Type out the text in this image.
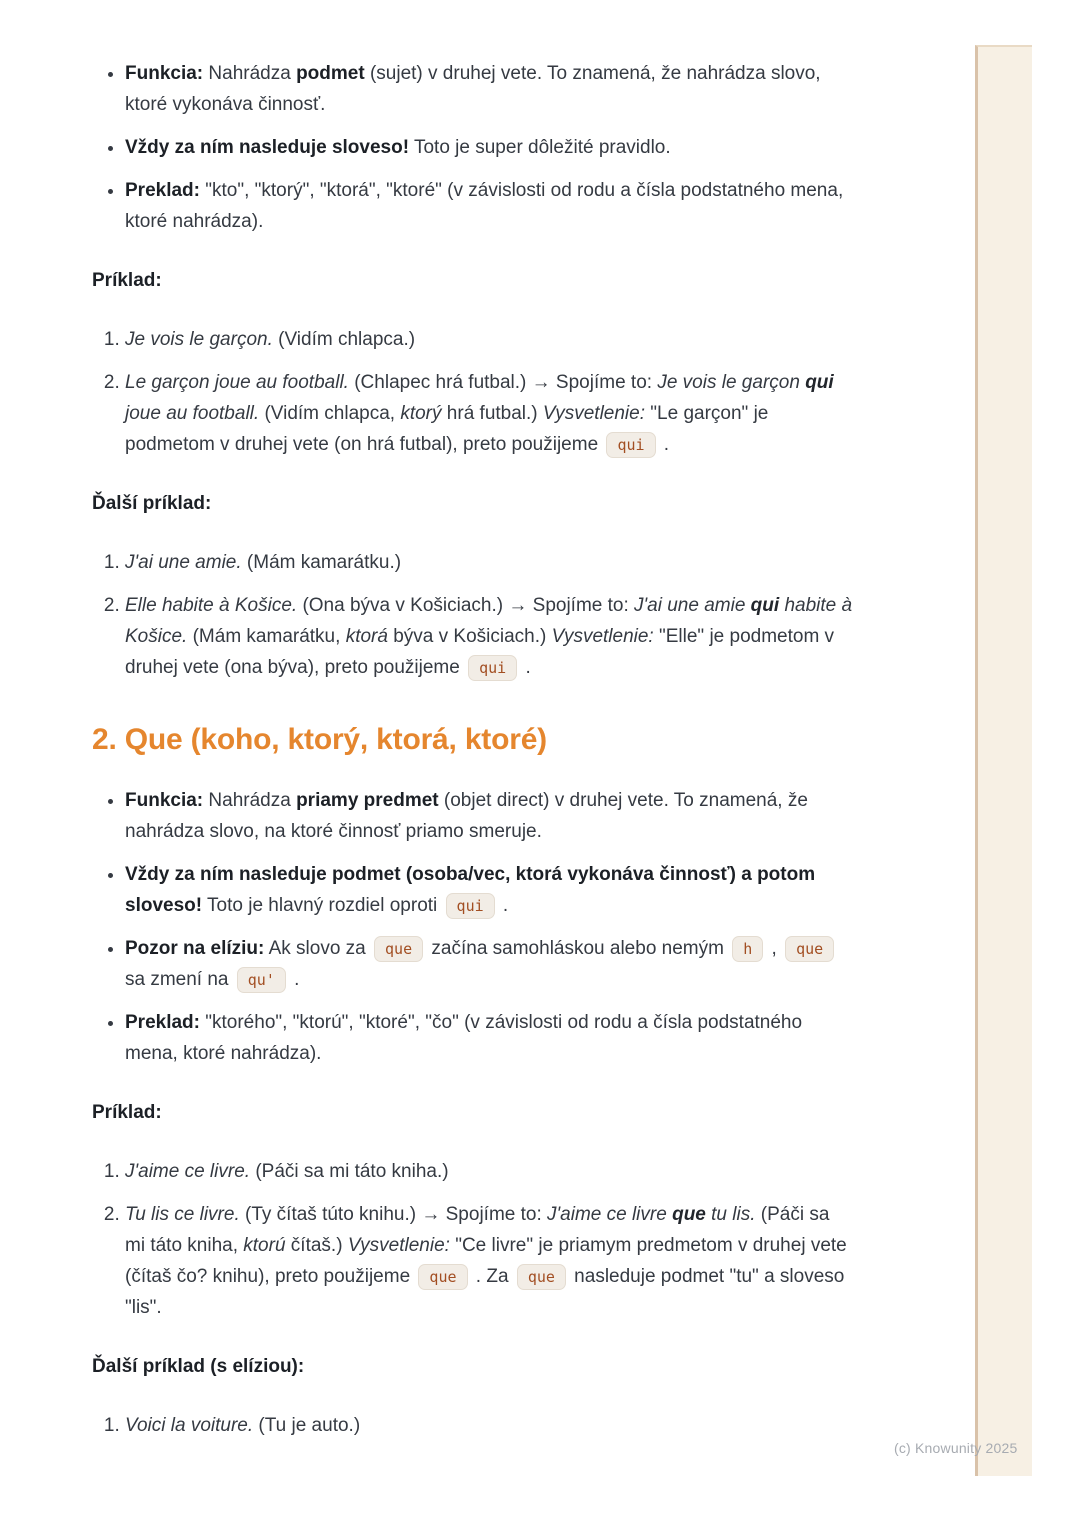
• Funkcia: Nahrádza podmet (sujet) v druhej vete. To znamená, že nahrádza slovo, ktoré vykonáva činnosť.
• Vždy za ním nasleduje sloveso! Toto je super dôležité pravidlo.
• Preklad: "kto", "ktorý", "ktorá", "ktoré" (v závislosti od rodu a čísla podstatného mena, ktoré nahrádza).
Príklad:
1. Je vois le garçon. (Vidím chlapca.)
2. Le garçon joue au football. (Chlapec hrá futbal.) → Spojíme to: Je vois le garçon qui joue au football. (Vidím chlapca, ktorý hrá futbal.) Vysvetlenie: "Le garçon" je podmetom v druhej vete (on hrá futbal), preto použijeme qui .
Ďalší príklad:
1. J'ai une amie. (Mám kamarátku.)
2. Elle habite à Košice. (Ona býva v Košiciach.) → Spojíme to: J'ai une amie qui habite à Košice. (Mám kamarátku, ktorá býva v Košiciach.) Vysvetlenie: "Elle" je podmetom v druhej vete (ona býva), preto použijeme qui .
2. Que (koho, ktorý, ktorá, ktoré)
• Funkcia: Nahrádza priamy predmet (objet direct) v druhej vete. To znamená, že nahrádza slovo, na ktoré činnosť priamo smeruje.
• Vždy za ním nasleduje podmet (osoba/vec, ktorá vykonáva činnosť) a potom sloveso! Toto je hlavný rozdiel oproti qui .
• Pozor na elíziu: Ak slovo za que začína samohláskou alebo nemým h , que sa zmení na qu' .
• Preklad: "ktorého", "ktorú", "ktoré", "čo" (v závislosti od rodu a čísla podstatného mena, ktoré nahrádza).
Príklad:
1. J'aime ce livre. (Páči sa mi táto kniha.)
2. Tu lis ce livre. (Ty čítaš túto knihu.) → Spojíme to: J'aime ce livre que tu lis. (Páči sa mi táto kniha, ktorú čítaš.) Vysvetlenie: "Ce livre" je priamym predmetom v druhej vete (čítaš čo? knihu), preto použijeme que . Za que nasleduje podmet "tu" a sloveso "lis".
Ďalší príklad (s elíziou):
1. Voici la voiture. (Tu je auto.)
(c) Knowunity 2025
